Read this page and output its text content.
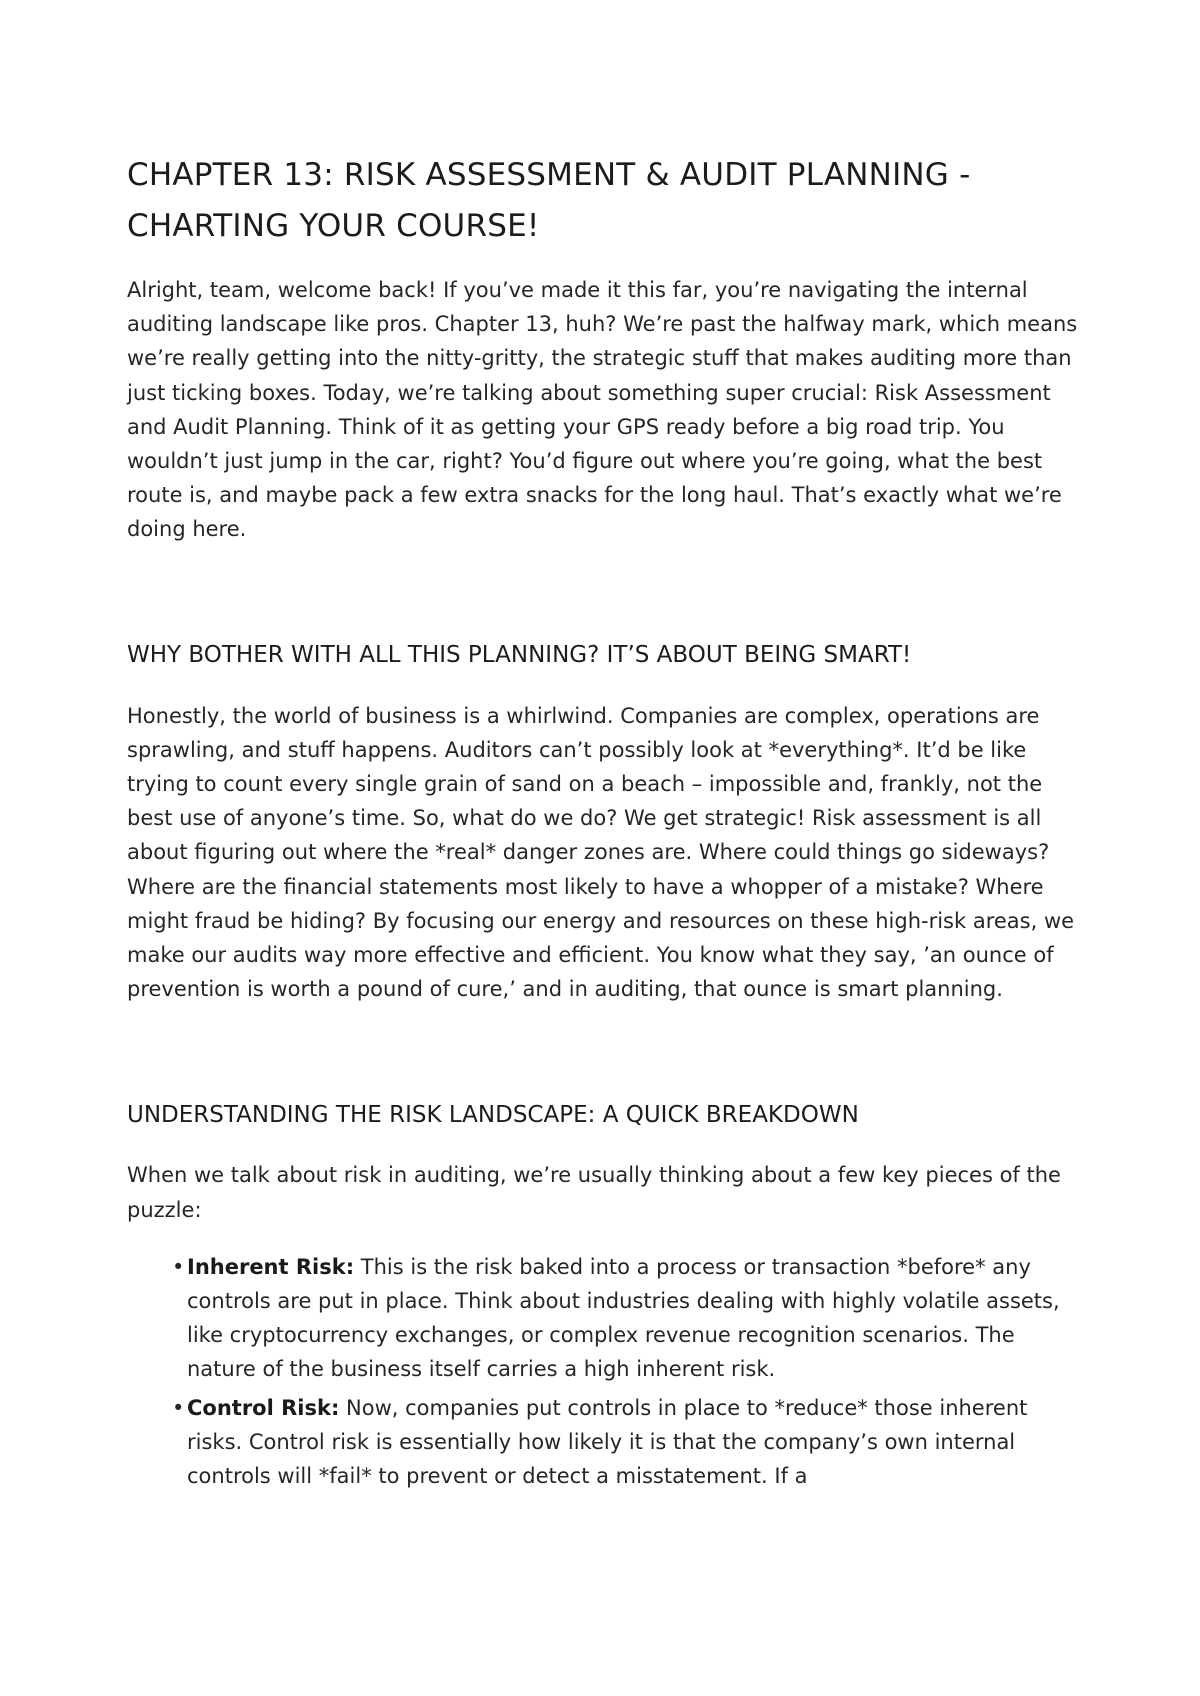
CHAPTER 13: RISK ASSESSMENT & AUDIT PLANNING - CHARTING YOUR COURSE!

Alright, team, welcome back! If you’ve made it this far, you’re navigating the internal auditing landscape like pros. Chapter 13, huh? We’re past the halfway mark, which means we’re really getting into the nitty-gritty, the strategic stuff that makes auditing more than just ticking boxes. Today, we’re talking about something super crucial: Risk Assessment and Audit Planning. Think of it as getting your GPS ready before a big road trip. You wouldn’t just jump in the car, right? You’d figure out where you’re going, what the best route is, and maybe pack a few extra snacks for the long haul. That’s exactly what we’re doing here.

WHY BOTHER WITH ALL THIS PLANNING? IT’S ABOUT BEING SMART!

Honestly, the world of business is a whirlwind. Companies are complex, operations are sprawling, and stuff happens. Auditors can’t possibly look at *everything*. It’d be like trying to count every single grain of sand on a beach – impossible and, frankly, not the best use of anyone’s time. So, what do we do? We get strategic! Risk assessment is all about figuring out where the *real* danger zones are. Where could things go sideways? Where are the financial statements most likely to have a whopper of a mistake? Where might fraud be hiding? By focusing our energy and resources on these high-risk areas, we make our audits way more effective and efficient. You know what they say, ’an ounce of prevention is worth a pound of cure,’ and in auditing, that ounce is smart planning.

UNDERSTANDING THE RISK LANDSCAPE: A QUICK BREAKDOWN

When we talk about risk in auditing, we’re usually thinking about a few key pieces of the puzzle:

• Inherent Risk: This is the risk baked into a process or transaction *before* any controls are put in place. Think about industries dealing with highly volatile assets, like cryptocurrency exchanges, or complex revenue recognition scenarios. The nature of the business itself carries a high inherent risk.
• Control Risk: Now, companies put controls in place to *reduce* those inherent risks. Control risk is essentially how likely it is that the company’s own internal controls will *fail* to prevent or detect a misstatement. If a
